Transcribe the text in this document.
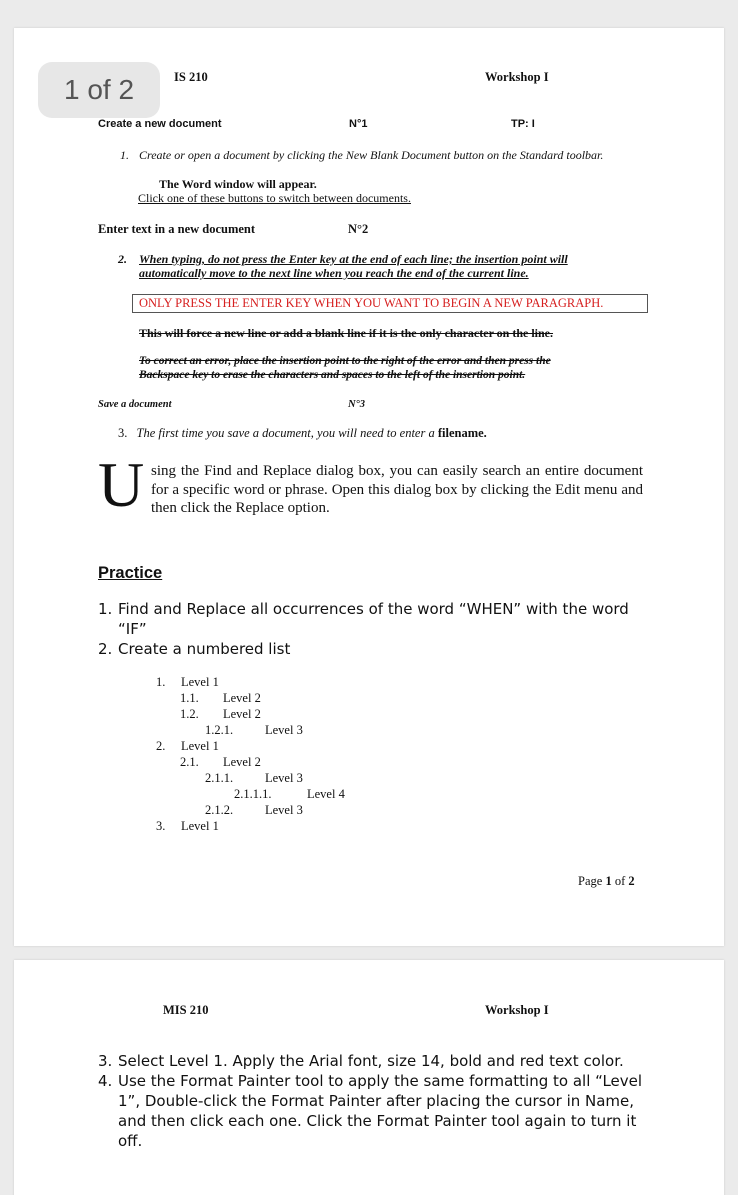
1 of 2	IS 210	Workshop I
Create a new document	N°1	TP: I
1. Create or open a document by clicking the New Blank Document button on the Standard toolbar.
The Word window will appear.
Click one of these buttons to switch between documents.
Enter text in a new document	N°2
2. When typing, do not press the Enter key at the end of each line; the insertion point will
automatically move to the next line when you reach the end of the current line.
ONLY PRESS THE ENTER KEY WHEN YOU WANT TO BEGIN A NEW PARAGRAPH.
This will force a new line or add a blank line if it is the only character on the line.
To correct an error, place the insertion point to the right of the error and then press the
Backspace key to erase the characters and spaces to the left of the insertion point.
Save a document	N°3
3. The first time you save a document, you will need to enter a filename.
U sing the Find and Replace dialog box, you can easily search an entire document for a specific word or phrase. Open this dialog box by clicking the Edit menu and then click the Replace option.
Practice
1. Find and Replace all occurrences of the word “WHEN” with the word “IF”
2. Create a numbered list
1. Level 1
1.1. Level 2
1.2. Level 2
1.2.1.	Level 3
2. Level 1
2.1. Level 2
2.1.1.	Level 3
2.1.1.1.	Level 4
2.1.2.	Level 3
3. Level 1
Page 1 of 2
MIS 210	Workshop I
3. Select Level 1. Apply the Arial font, size 14, bold and red text color.
4. Use the Format Painter tool to apply the same formatting to all “Level 1”, Double-click the Format Painter after placing the cursor in Name, and then click each one. Click the Format Painter tool again to turn it off.
